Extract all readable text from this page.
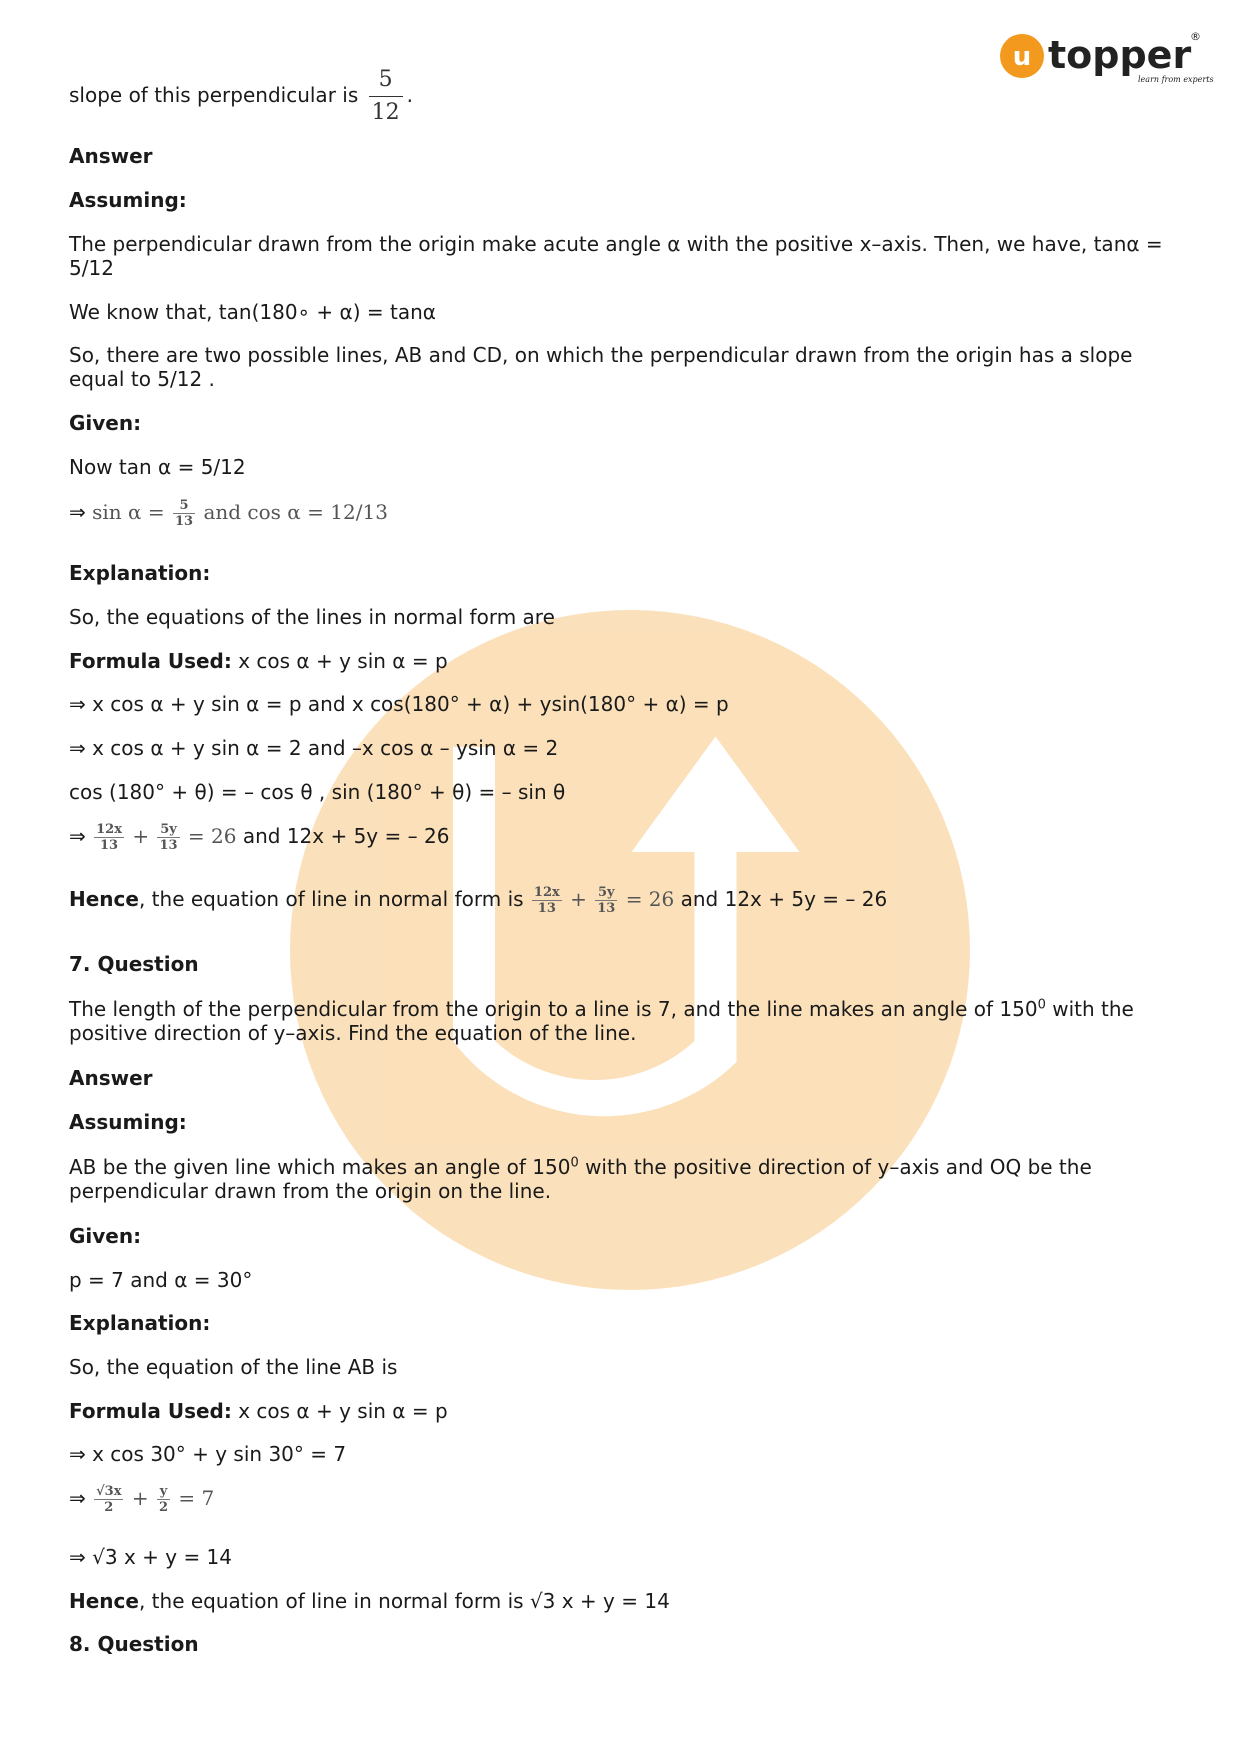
u topper
®
learn from experts

slope of this perpendicular is $\frac{5}{12}$ .

Answer

Assuming:

The perpendicular drawn from the origin make acute angle α with the positive x–axis. Then, we have, tanα = 5/12

We know that, tan(180∘ + α) = tanα

So, there are two possible lines, AB and CD, on which the perpendicular drawn from the origin has a slope equal to 5/12 .

Given:

Now tan α = 5/12

⇒ $\sin \alpha = \frac{5}{13}$ and cos α = 12/13

Explanation:

So, the equations of the lines in normal form are

Formula Used: x cos α + y sin α = p

⇒ x cos α + y sin α = p and x cos(180° + α) + ysin(180° + α) = p

⇒ x cos α + y sin α = 2 and –x cos α – ysin α = 2

cos (180° + θ) = – cos θ , sin (180° + θ) = – sin θ

⇒ $\frac{12x}{13} + \frac{5y}{13} = 26$ and 12x + 5y = – 26

Hence, the equation of line in normal form is $\frac{12x}{13} + \frac{5y}{13} = 26$ and 12x + 5y = – 26

7. Question

The length of the perpendicular from the origin to a line is 7, and the line makes an angle of $150^0$ with the positive direction of y–axis. Find the equation of the line.

Answer

Assuming:

AB be the given line which makes an angle of $150^0$ with the positive direction of y–axis and OQ be the perpendicular drawn from the origin on the line.

Given:

p = 7 and α = 30°

Explanation:

So, the equation of the line AB is

Formula Used: x cos α + y sin α = p

⇒ x cos 30° + y sin 30° = 7

⇒ $\frac{√3x}{2} + \frac{y}{2} = 7$

⇒ √3 x + y = 14

Hence, the equation of line in normal form is √3 x + y = 14

8. Question
